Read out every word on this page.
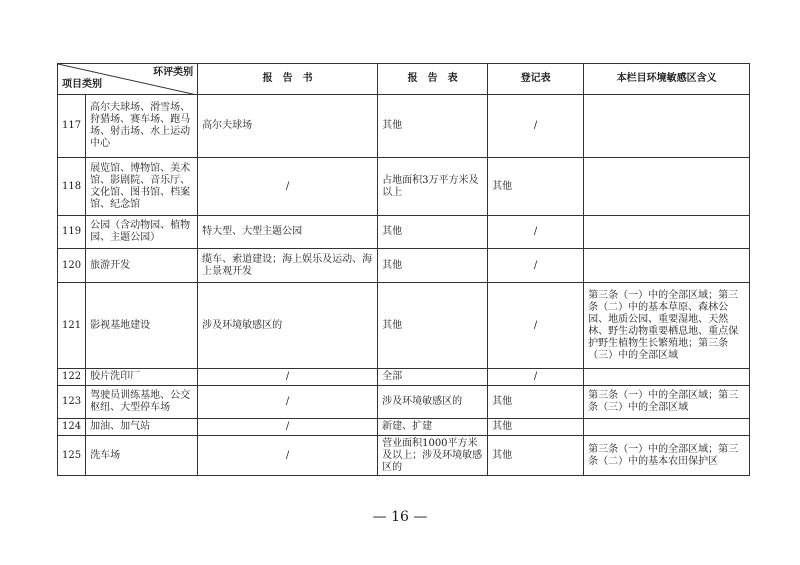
环评类别
项目类别		报　告　书	报　告　表	登记表	本栏目环境敏感区含义
117	高尔夫球场、滑雪场、狩猎场、赛车场、跑马场、射击场、水上运动中心	高尔夫球场	其他	/	
118	展览馆、博物馆、美术馆、影剧院、音乐厅、文化馆、图书馆、档案馆、纪念馆	/	占地面积3万平方米及以上	其他	
119	公园（含动物园、植物园、主题公园）	特大型、大型主题公园	其他	/	
120	旅游开发	缆车、索道建设；海上娱乐及运动、海上景观开发	其他	/	
121	影视基地建设	涉及环境敏感区的	其他	/	第三条（一）中的全部区域；第三条（二）中的基本草原、森林公园、地质公园、重要湿地、天然林、野生动物重要栖息地、重点保护野生植物生长繁殖地；第三条（三）中的全部区域
122	胶片洗印厂	/	全部	/	
123	驾驶员训练基地、公交枢纽、大型停车场	/	涉及环境敏感区的	其他	第三条（一）中的全部区域；第三条（三）中的全部区域
124	加油、加气站	/	新建、扩建	其他	
125	洗车场	/	营业面积1000平方米及以上；涉及环境敏感区的	其他	第三条（一）中的全部区域；第三条（二）中的基本农田保护区
— 16 —
